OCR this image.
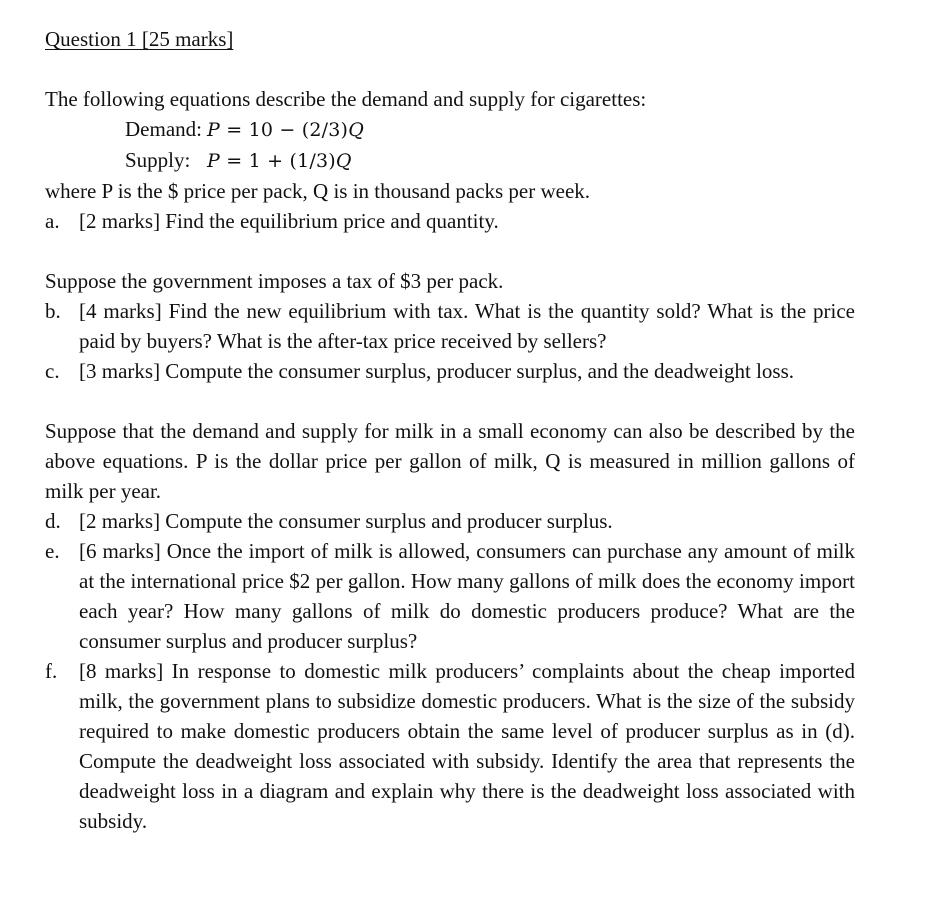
Question 1 [25 marks]

The following equations describe the demand and supply for cigarettes:

Demand: P = 10 − (2/3)Q
Supply: P = 1 + (1/3)Q

where P is the $ price per pack, Q is in thousand packs per week.

a. [2 marks] Find the equilibrium price and quantity.

Suppose the government imposes a tax of $3 per pack.

b. [4 marks] Find the new equilibrium with tax. What is the quantity sold? What is the price paid by buyers? What is the after-tax price received by sellers?
c. [3 marks] Compute the consumer surplus, producer surplus, and the deadweight loss.

Suppose that the demand and supply for milk in a small economy can also be described by the above equations. P is the dollar price per gallon of milk, Q is measured in million gallons of milk per year.

d. [2 marks] Compute the consumer surplus and producer surplus.
e. [6 marks] Once the import of milk is allowed, consumers can purchase any amount of milk at the international price $2 per gallon. How many gallons of milk does the economy import each year? How many gallons of milk do domestic producers produce? What are the consumer surplus and producer surplus?
f.	[8 marks] In response to domestic milk producers’ complaints about the cheap imported milk, the government plans to subsidize domestic producers. What is the size of the subsidy required to make domestic producers obtain the same level of producer surplus as in (d). Compute the deadweight loss associated with subsidy. Identify the area that represents the deadweight loss in a diagram and explain why there is the deadweight loss associated with subsidy.
